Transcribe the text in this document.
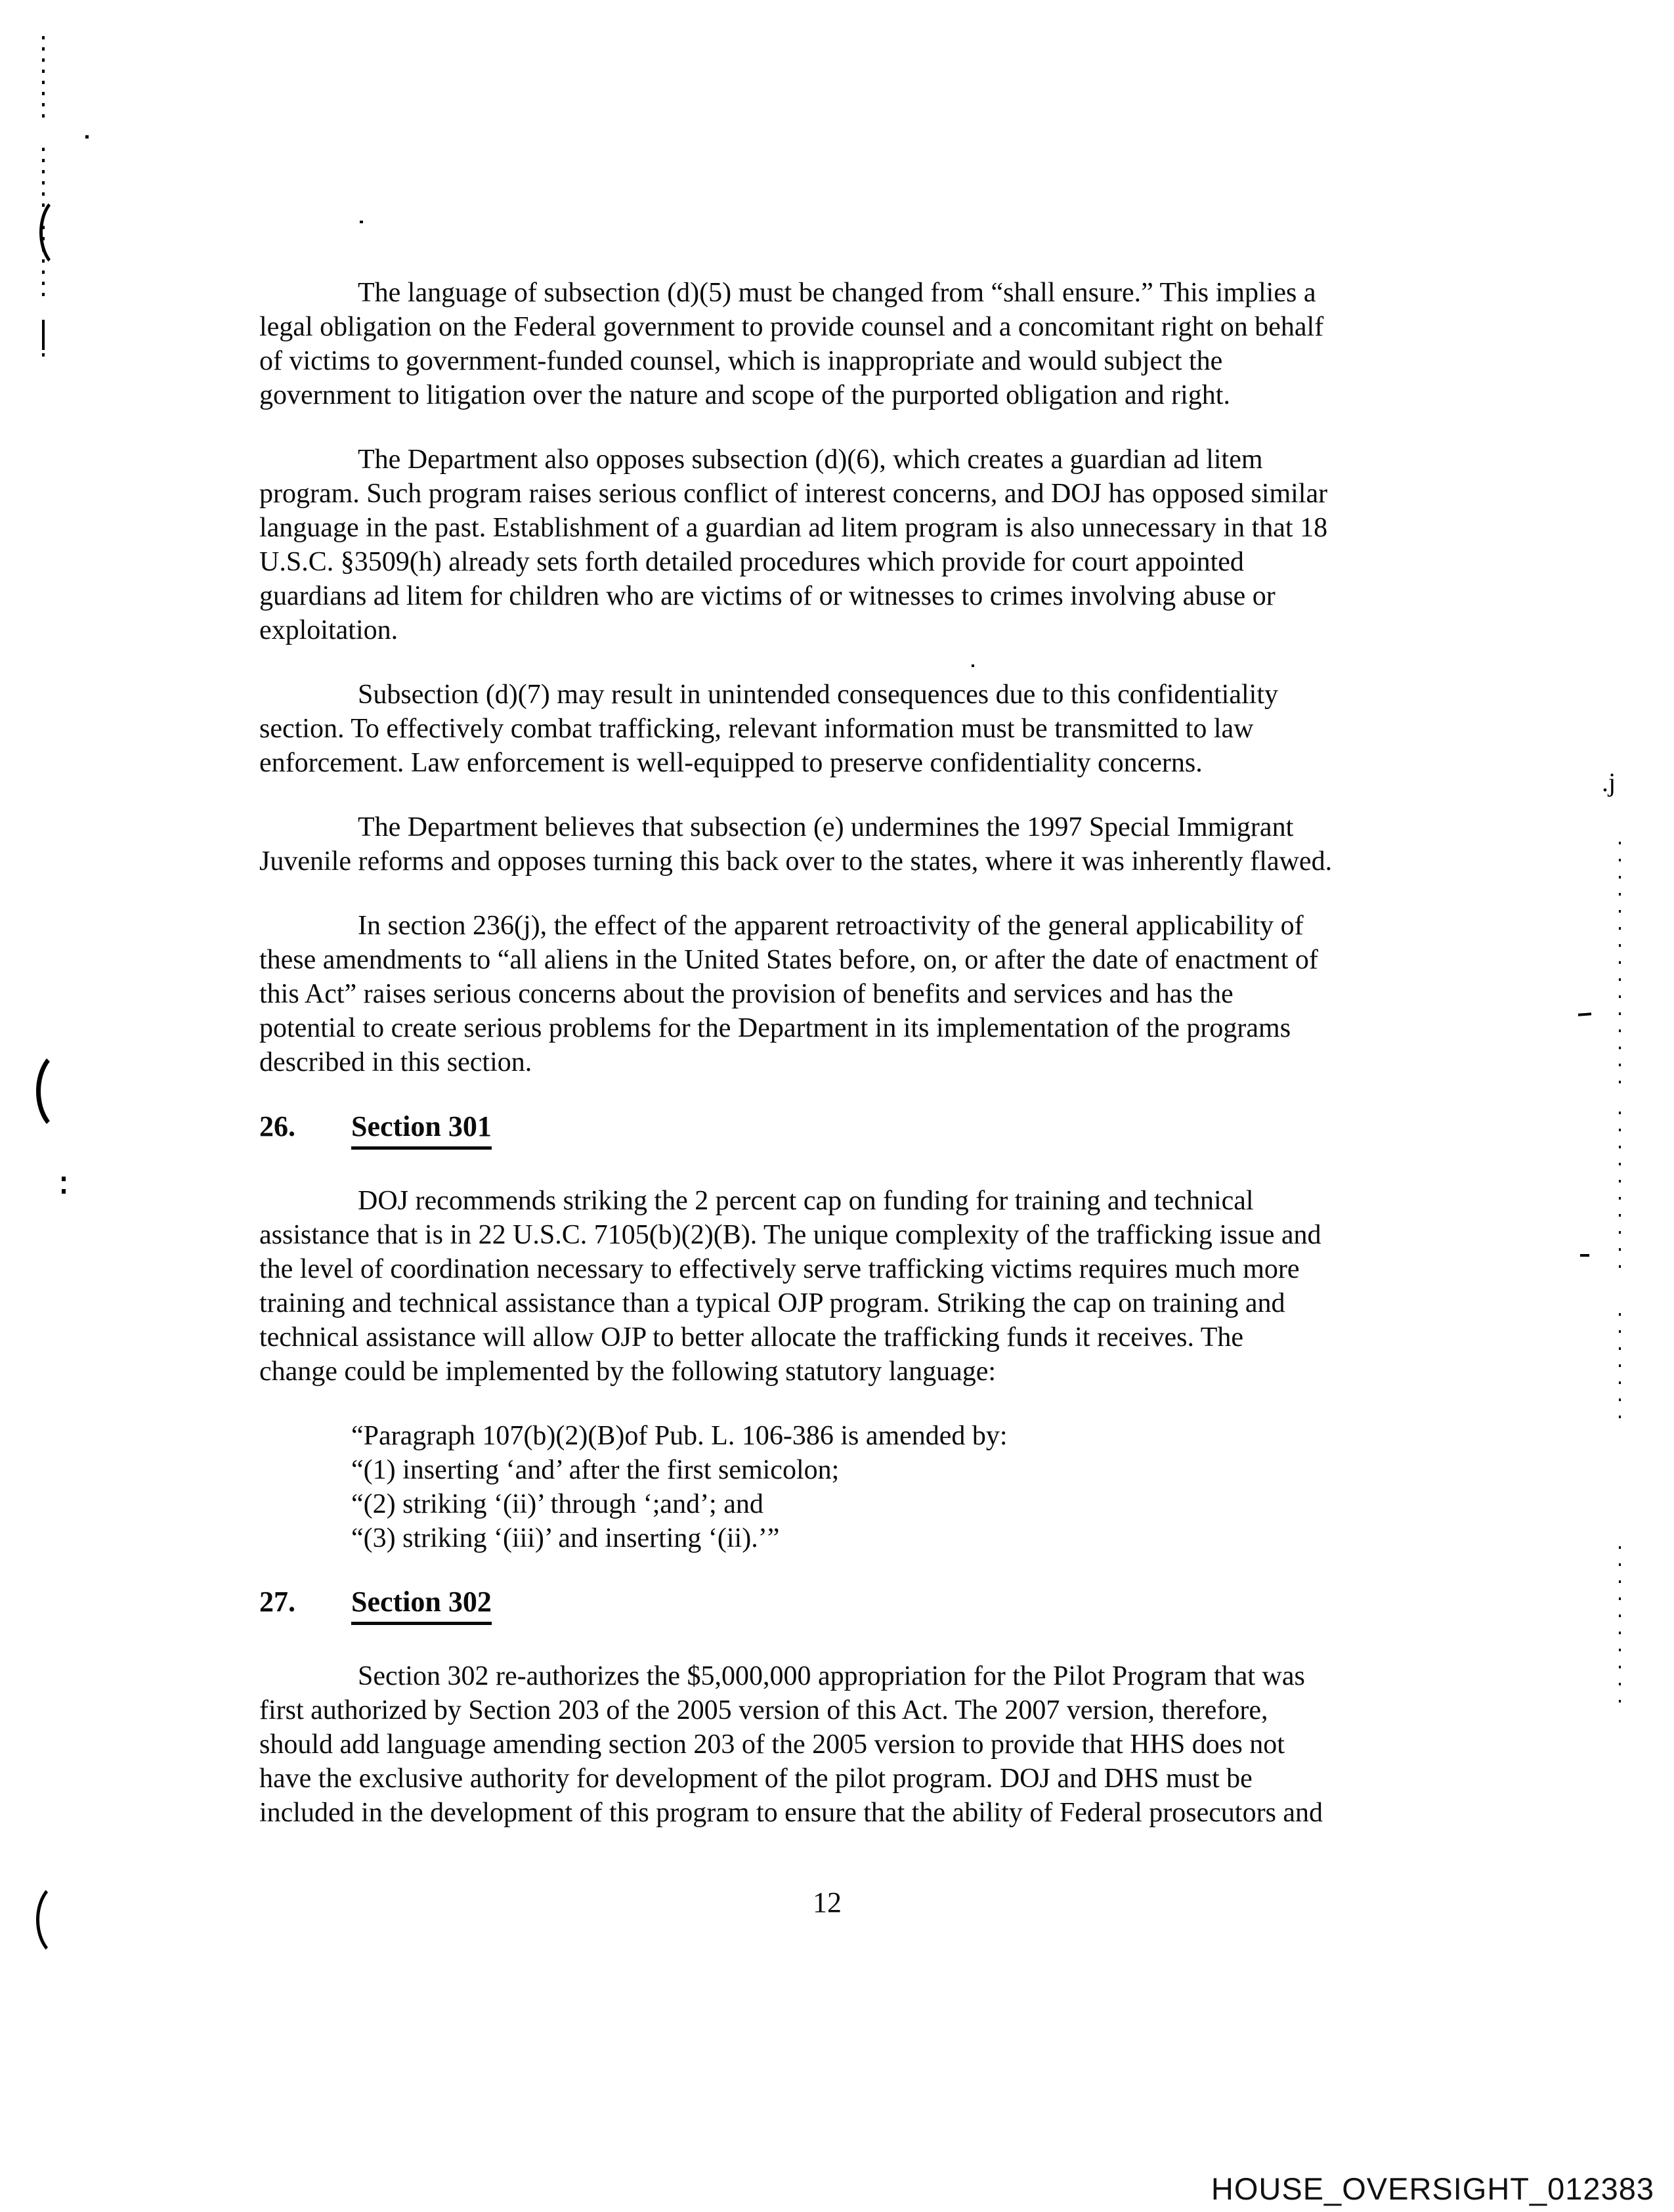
.j
The language of subsection (d)(5) must be changed from “shall ensure.” This implies a
legal obligation on the Federal government to provide counsel and a concomitant right on behalf
of victims to government-funded counsel, which is inappropriate and would subject the
government to litigation over the nature and scope of the purported obligation and right.
The Department also opposes subsection (d)(6), which creates a guardian ad litem
program. Such program raises serious conflict of interest concerns, and DOJ has opposed similar
language in the past. Establishment of a guardian ad litem program is also unnecessary in that 18
U.S.C. §3509(h) already sets forth detailed procedures which provide for court appointed
guardians ad litem for children who are victims of or witnesses to crimes involving abuse or
exploitation.
Subsection (d)(7) may result in unintended consequences due to this confidentiality
section. To effectively combat trafficking, relevant information must be transmitted to law
enforcement. Law enforcement is well-equipped to preserve confidentiality concerns.
The Department believes that subsection (e) undermines the 1997 Special Immigrant
Juvenile reforms and opposes turning this back over to the states, where it was inherently flawed.
In section 236(j), the effect of the apparent retroactivity of the general applicability of
these amendments to “all aliens in the United States before, on, or after the date of enactment of
this Act” raises serious concerns about the provision of benefits and services and has the
potential to create serious problems for the Department in its implementation of the programs
described in this section.
26. Section 301
DOJ recommends striking the 2 percent cap on funding for training and technical
assistance that is in 22 U.S.C. 7105(b)(2)(B). The unique complexity of the trafficking issue and
the level of coordination necessary to effectively serve trafficking victims requires much more
training and technical assistance than a typical OJP program. Striking the cap on training and
technical assistance will allow OJP to better allocate the trafficking funds it receives. The
change could be implemented by the following statutory language:
“Paragraph 107(b)(2)(B)of Pub. L. 106-386 is amended by:
“(1) inserting ‘and’ after the first semicolon;
“(2) striking ‘(ii)’ through ‘;and’; and
“(3) striking ‘(iii)’ and inserting ‘(ii).’”
27. Section 302
Section 302 re-authorizes the $5,000,000 appropriation for the Pilot Program that was
first authorized by Section 203 of the 2005 version of this Act. The 2007 version, therefore,
should add language amending section 203 of the 2005 version to provide that HHS does not
have the exclusive authority for development of the pilot program. DOJ and DHS must be
included in the development of this program to ensure that the ability of Federal prosecutors and
12
HOUSE_OVERSIGHT_012383
